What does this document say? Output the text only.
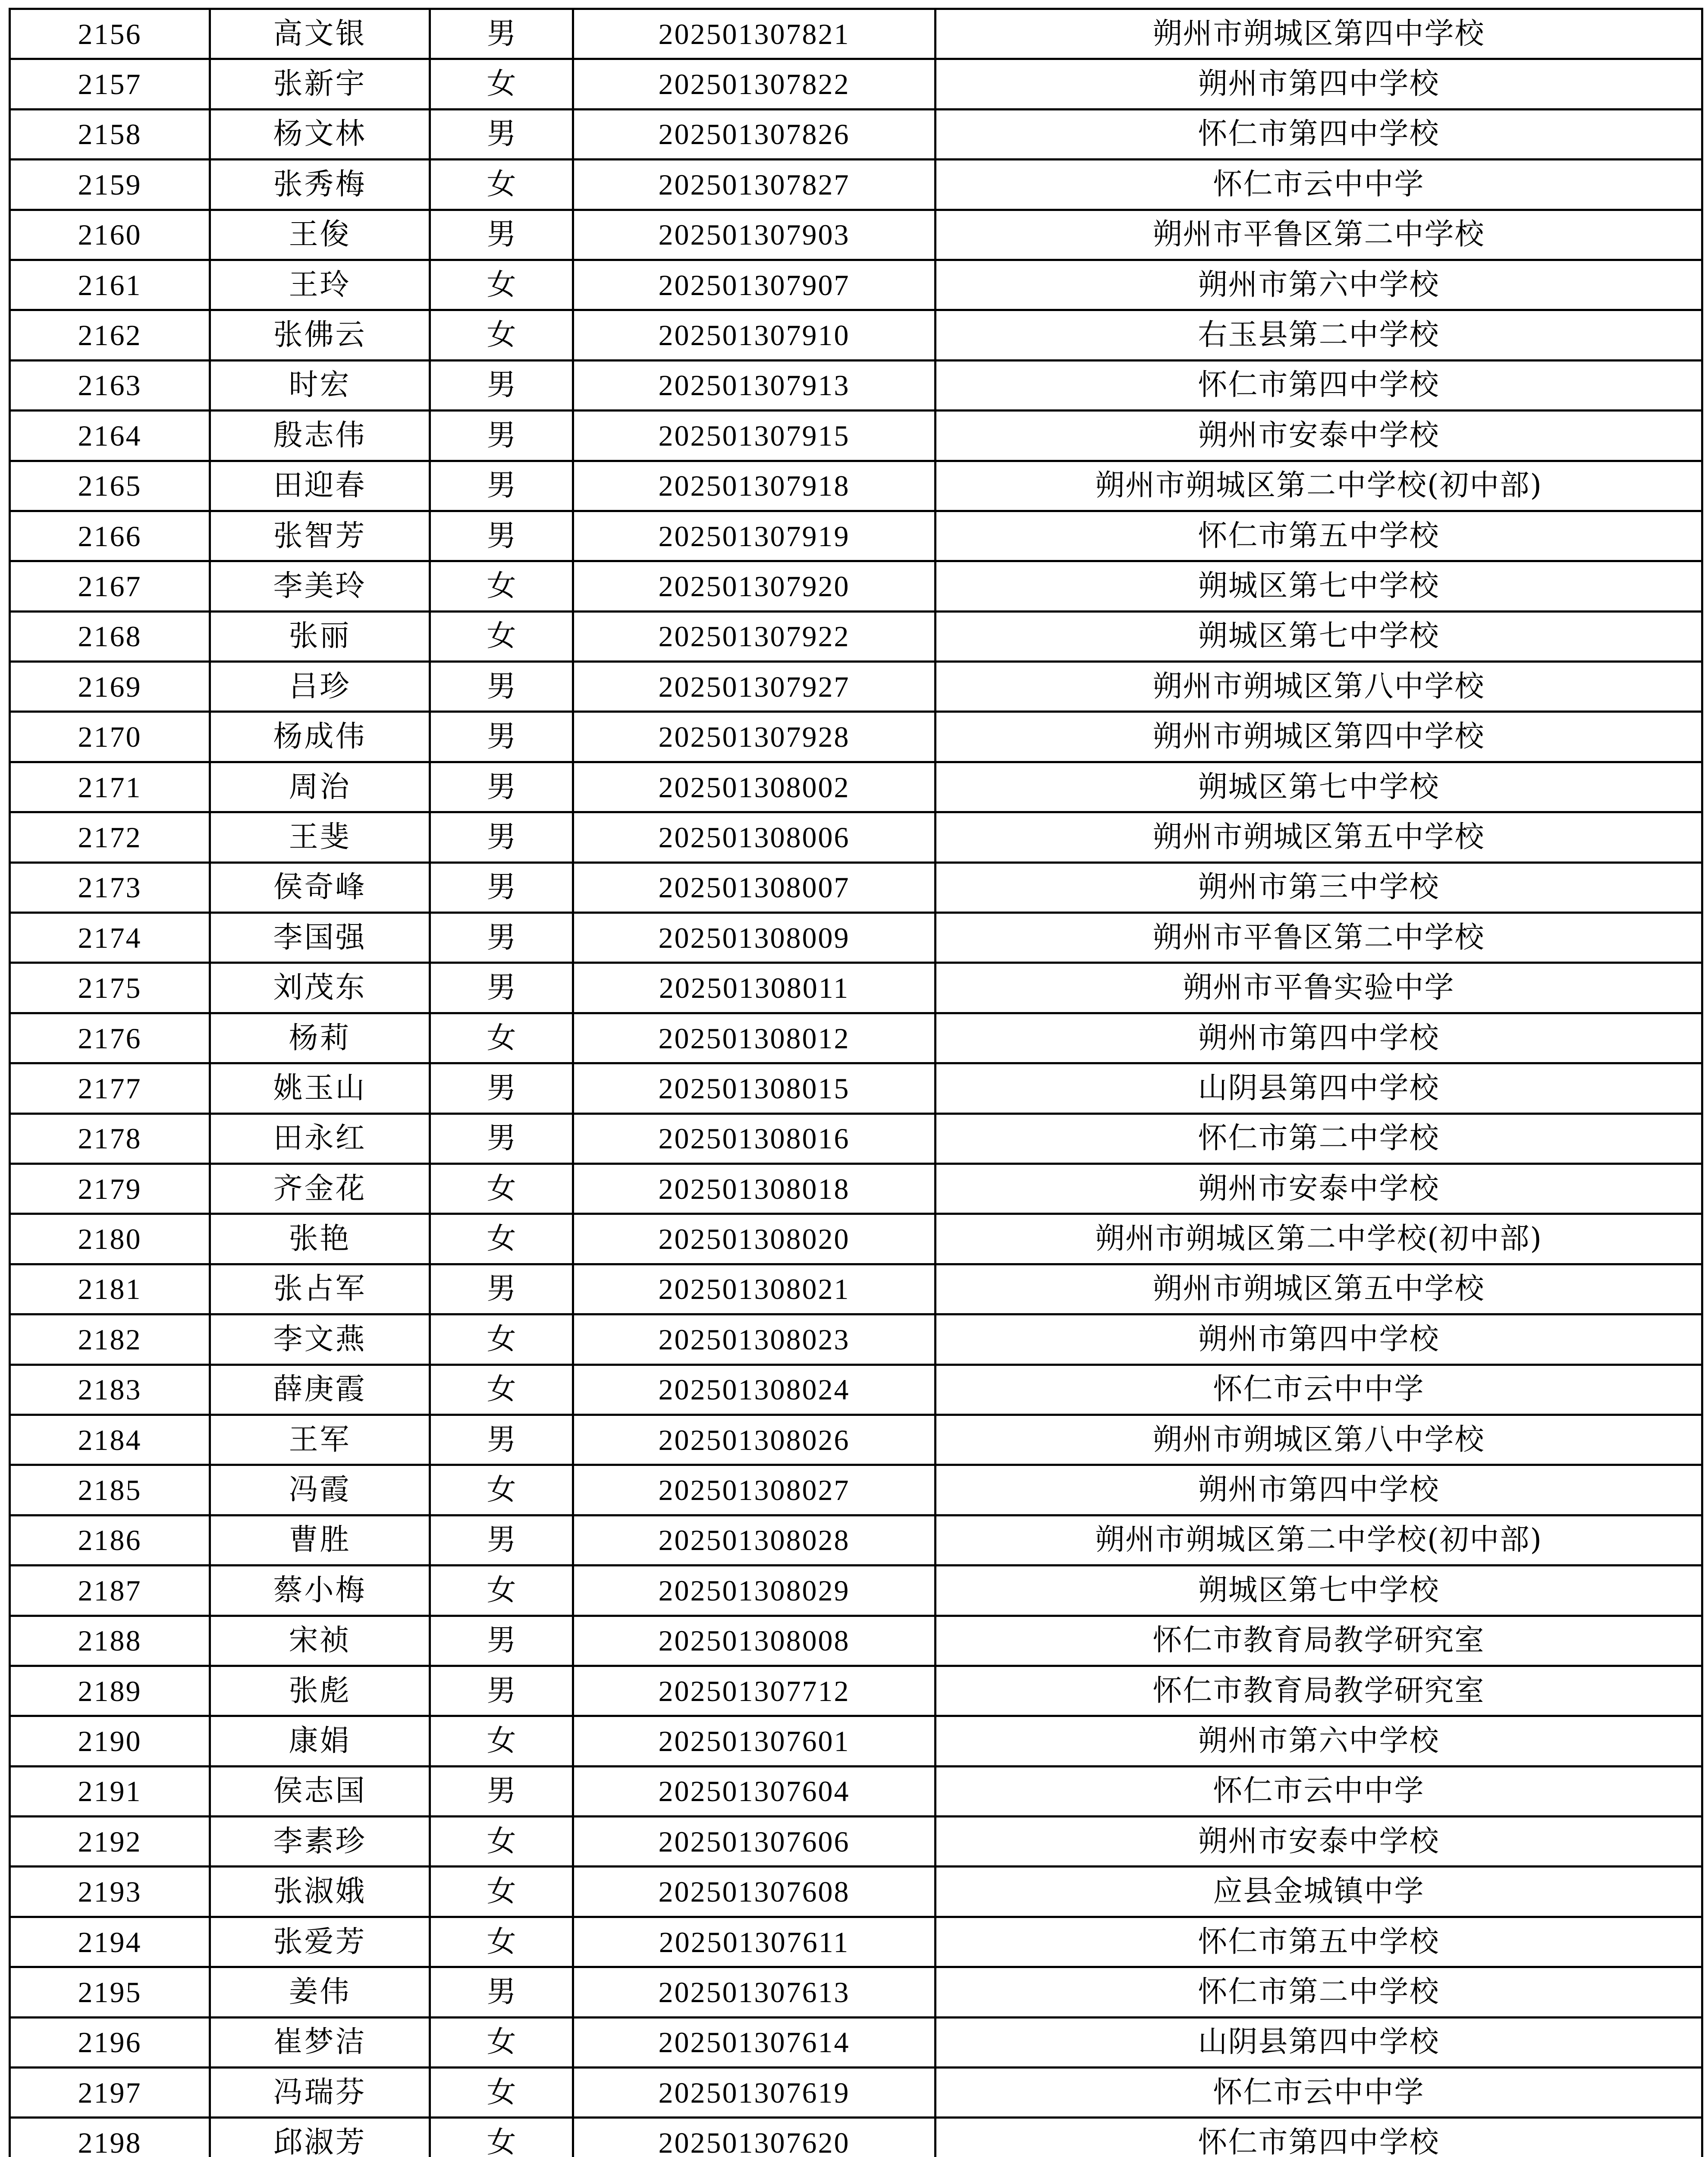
2156	高文银	男	202501307821	朔州市朔城区第四中学校
2157	张新宇	女	202501307822	朔州市第四中学校
2158	杨文林	男	202501307826	怀仁市第四中学校
2159	张秀梅	女	202501307827	怀仁市云中中学
2160	王俊	男	202501307903	朔州市平鲁区第二中学校
2161	王玲	女	202501307907	朔州市第六中学校
2162	张佛云	女	202501307910	右玉县第二中学校
2163	时宏	男	202501307913	怀仁市第四中学校
2164	殷志伟	男	202501307915	朔州市安泰中学校
2165	田迎春	男	202501307918	朔州市朔城区第二中学校(初中部)
2166	张智芳	男	202501307919	怀仁市第五中学校
2167	李美玲	女	202501307920	朔城区第七中学校
2168	张丽	女	202501307922	朔城区第七中学校
2169	吕珍	男	202501307927	朔州市朔城区第八中学校
2170	杨成伟	男	202501307928	朔州市朔城区第四中学校
2171	周治	男	202501308002	朔城区第七中学校
2172	王斐	男	202501308006	朔州市朔城区第五中学校
2173	侯奇峰	男	202501308007	朔州市第三中学校
2174	李国强	男	202501308009	朔州市平鲁区第二中学校
2175	刘茂东	男	202501308011	朔州市平鲁实验中学
2176	杨莉	女	202501308012	朔州市第四中学校
2177	姚玉山	男	202501308015	山阴县第四中学校
2178	田永红	男	202501308016	怀仁市第二中学校
2179	齐金花	女	202501308018	朔州市安泰中学校
2180	张艳	女	202501308020	朔州市朔城区第二中学校(初中部)
2181	张占军	男	202501308021	朔州市朔城区第五中学校
2182	李文燕	女	202501308023	朔州市第四中学校
2183	薛庚霞	女	202501308024	怀仁市云中中学
2184	王军	男	202501308026	朔州市朔城区第八中学校
2185	冯霞	女	202501308027	朔州市第四中学校
2186	曹胜	男	202501308028	朔州市朔城区第二中学校(初中部)
2187	蔡小梅	女	202501308029	朔城区第七中学校
2188	宋祯	男	202501308008	怀仁市教育局教学研究室
2189	张彪	男	202501307712	怀仁市教育局教学研究室
2190	康娟	女	202501307601	朔州市第六中学校
2191	侯志国	男	202501307604	怀仁市云中中学
2192	李素珍	女	202501307606	朔州市安泰中学校
2193	张淑娥	女	202501307608	应县金城镇中学
2194	张爱芳	女	202501307611	怀仁市第五中学校
2195	姜伟	男	202501307613	怀仁市第二中学校
2196	崔梦洁	女	202501307614	山阴县第四中学校
2197	冯瑞芬	女	202501307619	怀仁市云中中学
2198	邱淑芳	女	202501307620	怀仁市第四中学校
